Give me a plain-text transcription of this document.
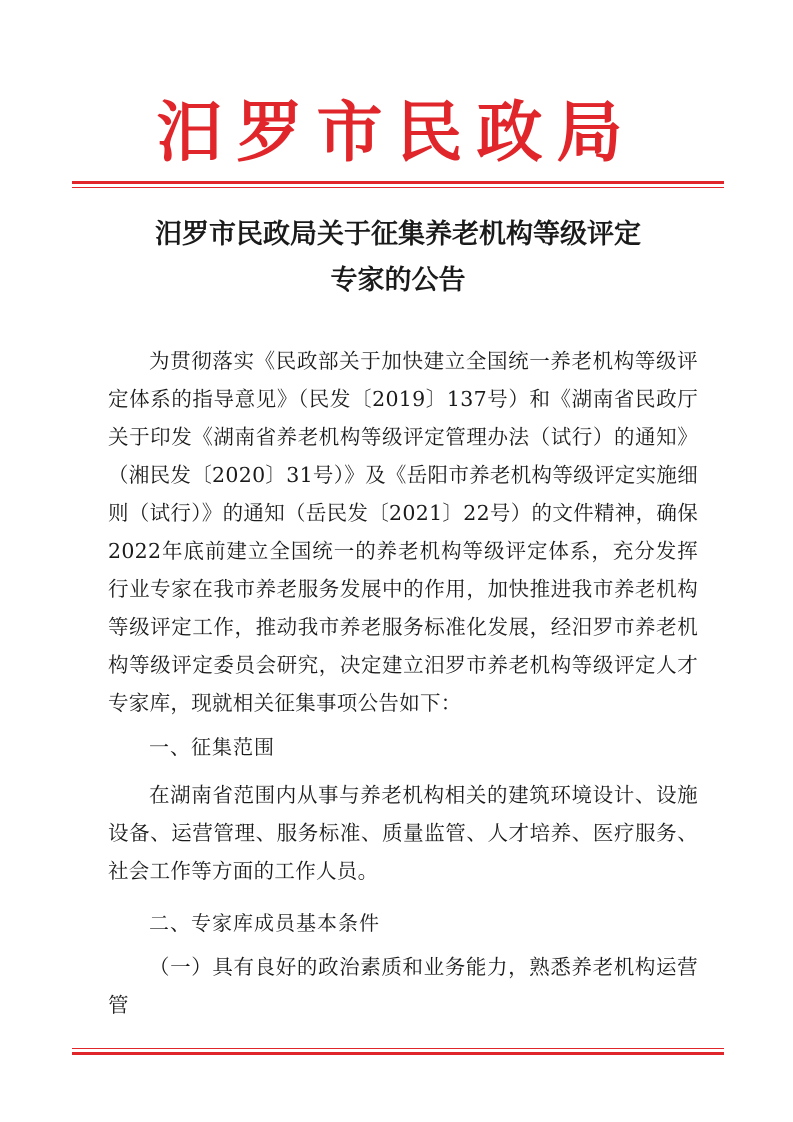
汨罗市民政局
汨罗市民政局关于征集养老机构等级评定
专家的公告

为贯彻落实《民政部关于加快建立全国统一养老机构等级评定体系的指导意见》（民发〔2019〕137号）和《湖南省民政厅关于印发《湖南省养老机构等级评定管理办法（试行）的通知》（湘民发〔2020〕31号）》及《岳阳市养老机构等级评定实施细则（试行）》的通知（岳民发〔2021〕22号）的文件精神，确保2022年底前建立全国统一的养老机构等级评定体系，充分发挥行业专家在我市养老服务发展中的作用，加快推进我市养老机构等级评定工作，推动我市养老服务标准化发展，经汨罗市养老机构等级评定委员会研究，决定建立汨罗市养老机构等级评定人才专家库，现就相关征集事项公告如下：

一、征集范围

在湖南省范围内从事与养老机构相关的建筑环境设计、设施设备、运营管理、服务标准、质量监管、人才培养、医疗服务、社会工作等方面的工作人员。

二、专家库成员基本条件

（一）具有良好的政治素质和业务能力，熟悉养老机构运营管
